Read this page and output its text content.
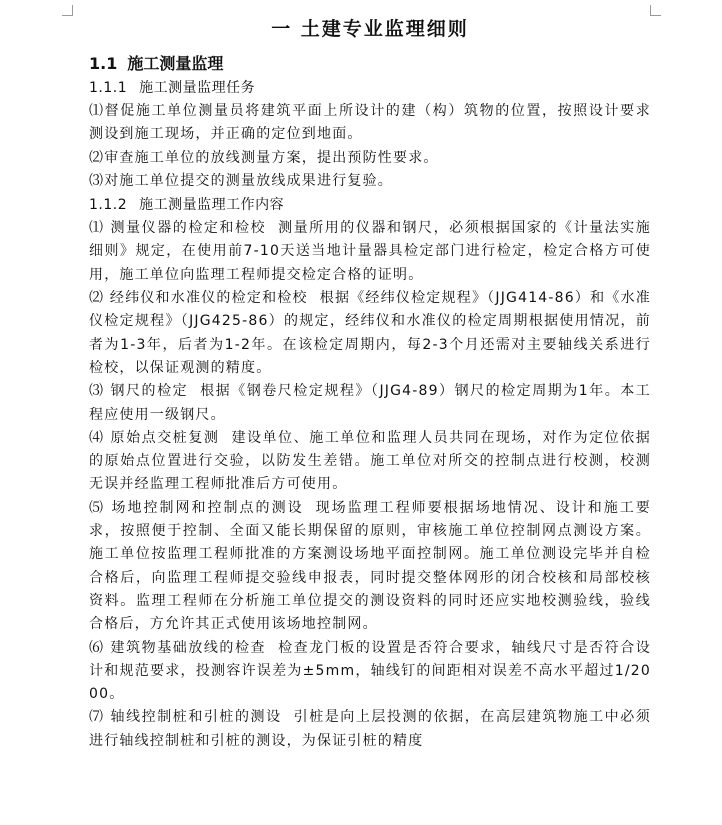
一 土建专业监理细则
1.1 施工测量监理
1.1.1 施工测量监理任务
⑴督促施工单位测量员将建筑平面上所设计的建（构）筑物的位置，按照设计要求测设到施工现场，并正确的定位到地面。
⑵审查施工单位的放线测量方案，提出预防性要求。
⑶对施工单位提交的测量放线成果进行复验。
1.1.2 施工测量监理工作内容
⑴ 测量仪器的检定和检校 测量所用的仪器和钢尺，必须根据国家的《计量法实施细则》规定，在使用前7-10天送当地计量器具检定部门进行检定，检定合格方可使用，施工单位向监理工程师提交检定合格的证明。
⑵ 经纬仪和水准仪的检定和检校 根据《经纬仪检定规程》（JJG414-86）和《水准仪检定规程》（JJG425-86）的规定，经纬仪和水准仪的检定周期根据使用情况，前者为1-3年，后者为1-2年。在该检定周期内，每2-3个月还需对主要轴线关系进行检校，以保证观测的精度。
⑶ 钢尺的检定 根据《钢卷尺检定规程》（JJG4-89）钢尺的检定周期为1年。本工程应使用一级钢尺。
⑷ 原始点交桩复测 建设单位、施工单位和监理人员共同在现场，对作为定位依据的原始点位置进行交验，以防发生差错。施工单位对所交的控制点进行校测，校测无误并经监理工程师批准后方可使用。
⑸ 场地控制网和控制点的测设 现场监理工程师要根据场地情况、设计和施工要求，按照便于控制、全面又能长期保留的原则，审核施工单位控制网点测设方案。施工单位按监理工程师批准的方案测设场地平面控制网。施工单位测设完毕并自检合格后，向监理工程师提交验线申报表，同时提交整体网形的闭合校核和局部校核资料。监理工程师在分析施工单位提交的测设资料的同时还应实地校测验线，验线合格后，方允许其正式使用该场地控制网。
⑹ 建筑物基础放线的检查 检查龙门板的设置是否符合要求，轴线尺寸是否符合设计和规范要求，投测容许误差为±5mm，轴线钉的间距相对误差不高水平超过1/2000。
⑺ 轴线控制桩和引桩的测设 引桩是向上层投测的依据，在高层建筑物施工中必须进行轴线控制桩和引桩的测设，为保证引桩的精度
